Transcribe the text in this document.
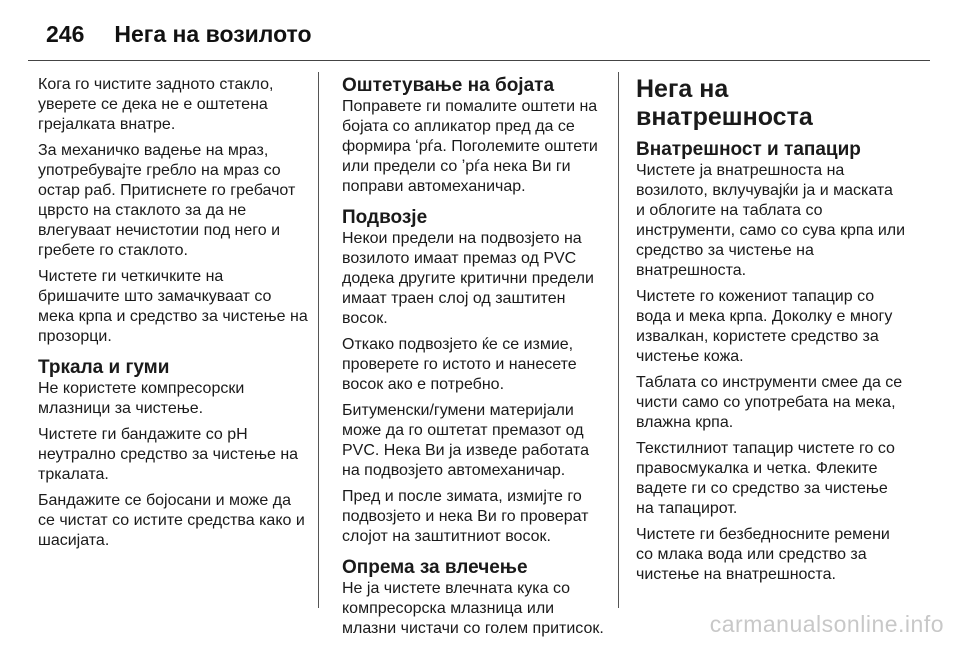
246 Нега на возилото

Кога го чистите задното стакло, уверете се дека не е оштетена грејалката внатре.

За механичко вадење на мраз, употребувајте гребло на мраз со остар раб. Притиснете го гребачот цврсто на стаклото за да не влегуваат нечистотии под него и гребете го стаклото.

Чистете ги четкичките на бришачите што замачкуваат со мека крпа и средство за чистење на прозорци.

Тркала и гуми

Не користете компресорски млазници за чистење.

Чистете ги бандажите со pH неутрално средство за чистење на тркалата.

Бандажите се бојосани и може да се чистат со истите средства како и шасијата.

Оштетување на бојата

Поправете ги помалите оштети на бојата со апликатор пред да се формира ʻрѓа. Поголемите оштети или предели со ʼрѓа нека Ви ги поправи автомеханичар.

Подвозје

Некои предели на подвозјето на возилото имаат премаз од PVC додека другите критични предели имаат траен слој од заштитен восок.

Откако подвозјето ќе се измие, проверете го истото и нанесете восок ако е потребно.

Битуменски/гумени материјали може да го оштетат премазот од PVC. Нека Ви ја изведе работата на подвозјето автомеханичар.

Пред и после зимата, измијте го подвозјето и нека Ви го проверат слојот на заштитниот восок.

Опрема за влечење

Не ја чистете влечната кука со компресорска млазница или млазни чистачи со голем притисок.

Нега на внатрешноста
Внатрешност и тапацир

Чистете ја внатрешноста на возилото, вклучувајќи ја и маската и облогите на таблата со инструменти, само со сува крпа или средство за чистење на внатрешноста.

Чистете го кожениот тапацир со вода и мека крпа. Доколку е многу извалкан, користете средство за чистење кожа.

Таблата со инструменти смее да се чисти само со употребата на мека, влажна крпа.

Текстилниот тапацир чистете го со правосмукалка и четка. Флеките вадете ги со средство за чистење на тапацирот.

Чистете ги безбедносните ремени со млака вода или средство за чистење на внатрешноста.

carmanualsonline.info
